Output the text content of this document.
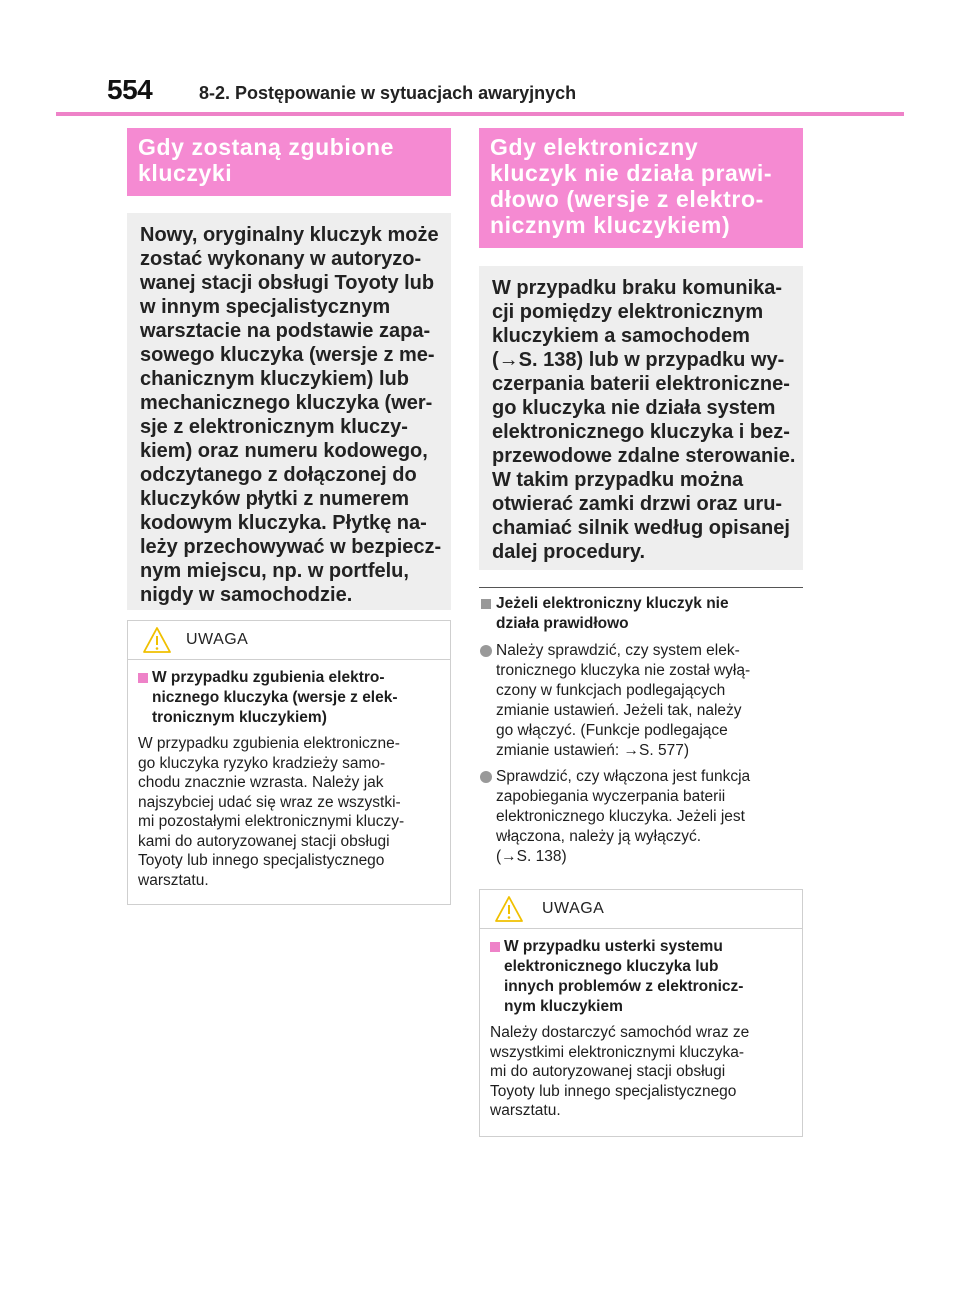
554	8-2. Postępowanie w sytuacjach awaryjnych
Gdy zostaną zgubione
kluczyki
Nowy, oryginalny kluczyk może
zostać wykonany w autoryzo-
wanej stacji obsługi Toyoty lub
w innym specjalistycznym
warsztacie na podstawie zapa-
sowego kluczyka (wersje z me-
chanicznym kluczykiem) lub
mechanicznego kluczyka (wer-
sje z elektronicznym kluczy-
kiem) oraz numeru kodowego,
odczytanego z dołączonej do
kluczyków płytki z numerem
kodowym kluczyka. Płytkę na-
leży przechowywać w bezpiecz-
nym miejscu, np. w portfelu,
nigdy w samochodzie.
UWAGA
W przypadku zgubienia elektro-
nicznego kluczyka (wersje z elek-
tronicznym kluczykiem)
W przypadku zgubienia elektroniczne-
go kluczyka ryzyko kradzieży samo-
chodu znacznie wzrasta. Należy jak
najszybciej udać się wraz ze wszystki-
mi pozostałymi elektronicznymi kluczy-
kami do autoryzowanej stacji obsługi
Toyoty lub innego specjalistycznego
warsztatu.
Gdy elektroniczny
kluczyk nie działa prawi-
dłowo (wersje z elektro-
nicznym kluczykiem)
W przypadku braku komunika-
cji pomiędzy elektronicznym
kluczykiem a samochodem
(→S. 138) lub w przypadku wy-
czerpania baterii elektroniczne-
go kluczyka nie działa system
elektronicznego kluczyka i bez-
przewodowe zdalne sterowanie.
W takim przypadku można
otwierać zamki drzwi oraz uru-
chamiać silnik według opisanej
dalej procedury.
Jeżeli elektroniczny kluczyk nie
działa prawidłowo
Należy sprawdzić, czy system elek-
tronicznego kluczyka nie został wyłą-
czony w funkcjach podlegających
zmianie ustawień. Jeżeli tak, należy
go włączyć. (Funkcje podlegające
zmianie ustawień: →S. 577)
Sprawdzić, czy włączona jest funkcja
zapobiegania wyczerpania baterii
elektronicznego kluczyka. Jeżeli jest
włączona, należy ją wyłączyć.
(→S. 138)
UWAGA
W przypadku usterki systemu
elektronicznego kluczyka lub
innych problemów z elektronicz-
nym kluczykiem
Należy dostarczyć samochód wraz ze
wszystkimi elektronicznymi kluczyka-
mi do autoryzowanej stacji obsługi
Toyoty lub innego specjalistycznego
warsztatu.
